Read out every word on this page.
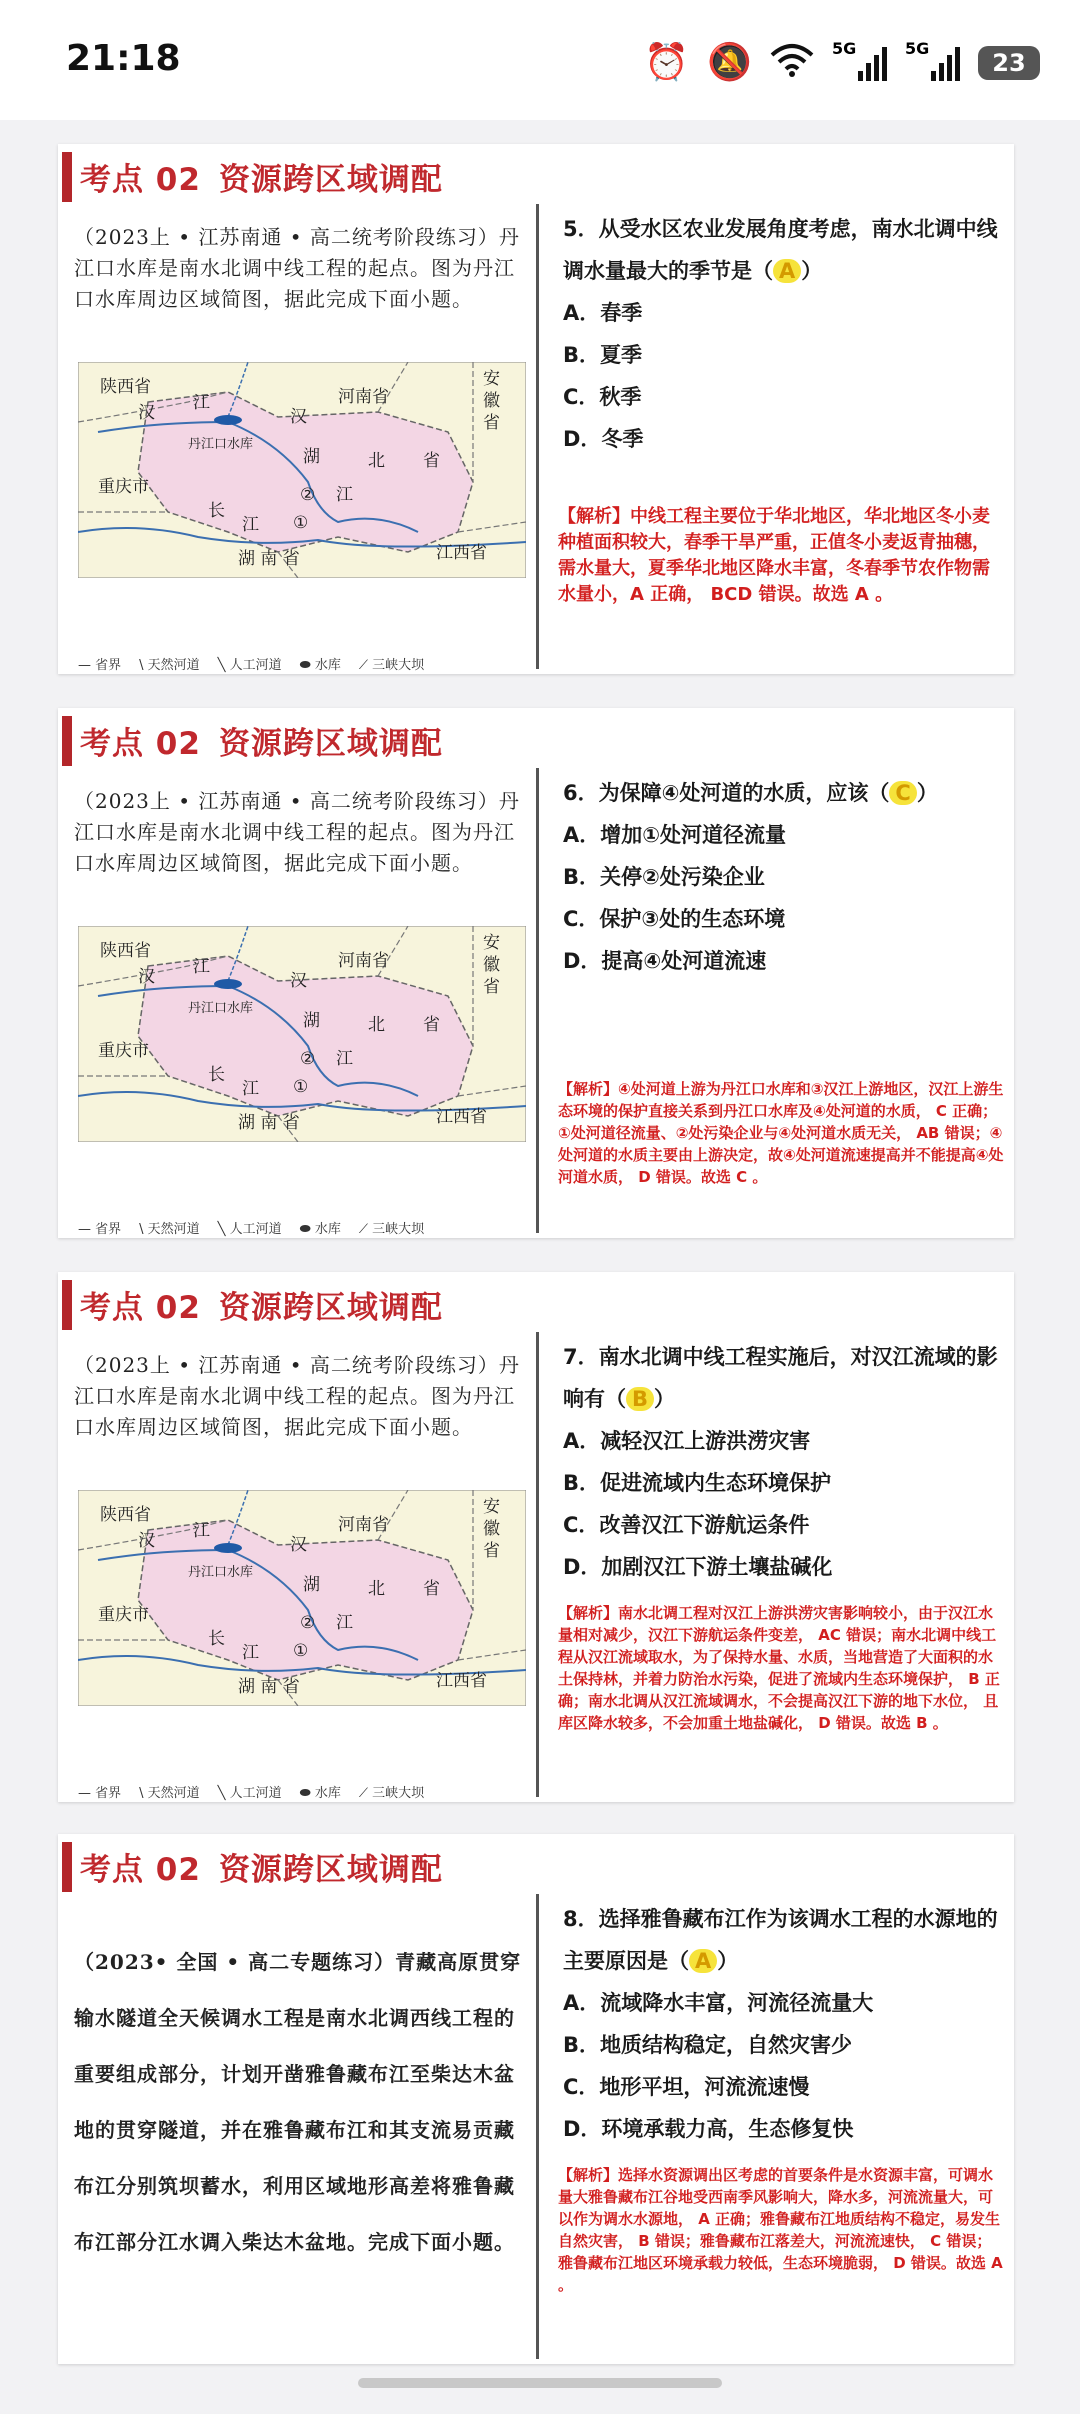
21:18	⏰ 🔕	5G	5G
23
考点 02 资源跨区域调配
（2023上 • 江苏南通 • 高二统考阶段练习）丹江口水库是南水北调中线工程的起点。图为丹江口水库周边区域简图，据此完成下面小题。
陕西省	河南省
安
徽
省
汉 江
汉
丹江口水库
湖	北 省
重庆市	② 江
长
江 ①
湖 南 省	江西省
— 省界 \ 天然河道 ╲ 人工河道 ⬬ 水库 ⟋ 三峡大坝
5．从受水区农业发展角度考虑，南水北调中线调水量最大的季节是（ A ）
A．春季
B．夏季
C．秋季
D．冬季
【解析】中线工程主要位于华北地区，华北地区冬小麦种植面积较大，春季干旱严重，正值冬小麦返青抽穗，需水量大，夏季华北地区降水丰富，冬春季节农作物需水量小，A 正确， BCD 错误。故选 A 。
考点 02 资源跨区域调配
（2023上 • 江苏南通 • 高二统考阶段练习）丹江口水库是南水北调中线工程的起点。图为丹江口水库周边区域简图，据此完成下面小题。
陕西省	河南省
安
徽
省
汉 江
汉
丹江口水库
湖	北 省
重庆市	② 江
长
江 ①
湖 南 省	江西省
— 省界 \ 天然河道 ╲ 人工河道 ⬬ 水库 ⟋ 三峡大坝
6．为保障④处河道的水质，应该（ C ）
A．增加①处河道径流量
B．关停②处污染企业
C．保护③处的生态环境
D．提高④处河道流速
【解析】④处河道上游为丹江口水库和③汉江上游地区，汉江上游生态环境的保护直接关系到丹江口水库及④处河道的水质， C 正确；①处河道径流量、②处污染企业与④处河道水质无关， AB 错误；④处河道的水质主要由上游决定，故④处河道流速提高并不能提高④处河道水质， D 错误。故选 C 。
考点 02 资源跨区域调配
（2023上 • 江苏南通 • 高二统考阶段练习）丹江口水库是南水北调中线工程的起点。图为丹江口水库周边区域简图，据此完成下面小题。
陕西省	河南省
安
徽
省
汉 江
汉
丹江口水库
湖	北 省
重庆市	② 江
长
江 ①
湖 南 省	江西省
— 省界 \ 天然河道 ╲ 人工河道 ⬬ 水库 ⟋ 三峡大坝
7．南水北调中线工程实施后，对汉江流域的影响有（ B ）
A．减轻汉江上游洪涝灾害
B．促进流域内生态环境保护
C．改善汉江下游航运条件
D．加剧汉江下游土壤盐碱化
【解析】南水北调工程对汉江上游洪涝灾害影响较小，由于汉江水量相对减少，汉江下游航运条件变差， AC 错误；南水北调中线工程从汉江流域取水，为了保持水量、水质，当地营造了大面积的水土保持林，并着力防治水污染，促进了流域内生态环境保护， B 正确；南水北调从汉江流域调水，不会提高汉江下游的地下水位， 且库区降水较多，不会加重土地盐碱化， D 错误。故选 B 。
考点 02 资源跨区域调配
（2023• 全国 • 高二专题练习）青藏高原贯穿输水隧道全天候调水工程是南水北调西线工程的重要组成部分，计划开凿雅鲁藏布江至柴达木盆地的贯穿隧道，并在雅鲁藏布江和其支流易贡藏布江分别筑坝蓄水，利用区域地形高差将雅鲁藏布江部分江水调入柴达木盆地。完成下面小题。
8．选择雅鲁藏布江作为该调水工程的水源地的主要原因是（ A ）
A．流域降水丰富，河流径流量大
B．地质结构稳定，自然灾害少
C．地形平坦，河流流速慢
D．环境承载力高，生态修复快
【解析】选择水资源调出区考虑的首要条件是水资源丰富，可调水量大雅鲁藏布江谷地受西南季风影响大，降水多，河流流量大，可以作为调水水源地， A 正确；雅鲁藏布江地质结构不稳定，易发生自然灾害， B 错误；雅鲁藏布江落差大，河流流速快， C 错误；雅鲁藏布江地区环境承载力较低，生态环境脆弱， D 错误。故选 A 。
